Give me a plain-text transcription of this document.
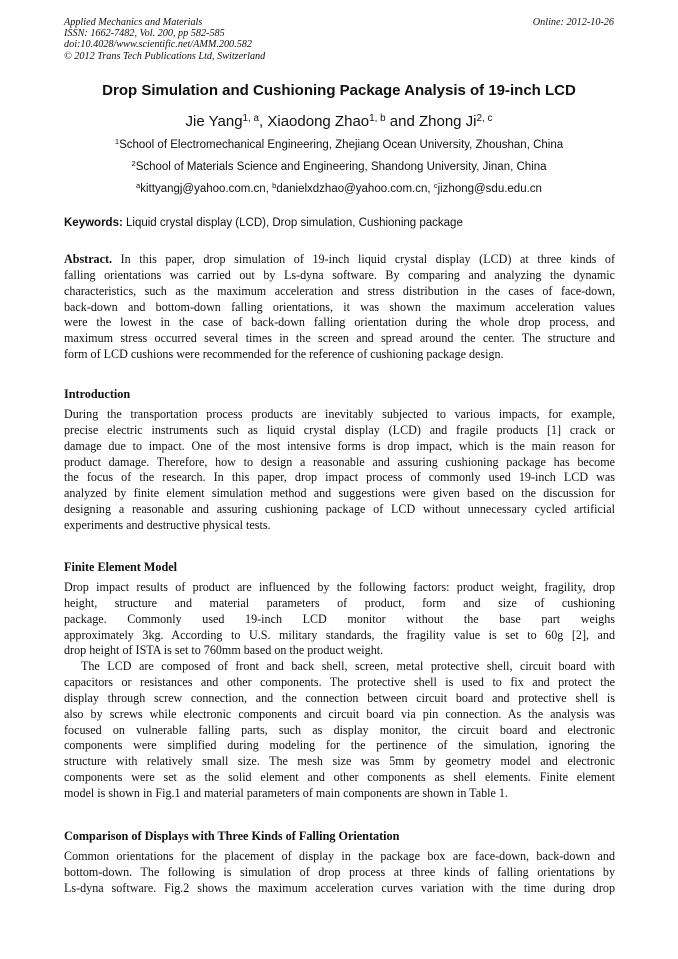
Applied Mechanics and Materials
ISSN: 1662-7482, Vol. 200, pp 582-585
doi:10.4028/www.scientific.net/AMM.200.582
© 2012 Trans Tech Publications Ltd, Switzerland
Online: 2012-10-26
Drop Simulation and Cushioning Package Analysis of 19-inch LCD
Jie Yang$^{1, a}$, Xiaodong Zhao$^{1, b}$ and Zhong Ji$^{2, c}$
$^1$School of Electromechanical Engineering, Zhejiang Ocean University, Zhoushan, China
$^2$School of Materials Science and Engineering, Shandong University, Jinan, China
$^a$kittyangj@yahoo.com.cn, $^b$danielxdzhao@yahoo.com.cn, $^c$jizhong@sdu.edu.cn
Keywords: Liquid crystal display (LCD), Drop simulation, Cushioning package
Abstract. In this paper, drop simulation of 19-inch liquid crystal display (LCD) at three kinds of
falling orientations was carried out by Ls-dyna software. By comparing and analyzing the dynamic
characteristics, such as the maximum acceleration and stress distribution in the cases of face-down,
back-down and bottom-down falling orientations, it was shown the maximum acceleration values
were the lowest in the case of back-down falling orientation during the whole drop process, and
maximum stress occurred several times in the screen and spread around the center. The structure and
form of LCD cushions were recommended for the reference of cushioning package design.
Introduction
During the transportation process products are inevitably subjected to various impacts, for example,
precise electric instruments such as liquid crystal display (LCD) and fragile products [1] crack or
damage due to impact. One of the most intensive forms is drop impact, which is the main reason for
product damage. Therefore, how to design a reasonable and assuring cushioning package has become
the focus of the research. In this paper, drop impact process of commonly used 19-inch LCD was
analyzed by finite element simulation method and suggestions were given based on the discussion for
designing a reasonable and assuring cushioning package of LCD without unnecessary cycled artificial
experiments and destructive physical tests.
Finite Element Model
Drop impact results of product are influenced by the following factors: product weight, fragility, drop
height, structure and material parameters of product, form and size of cushioning
package. Commonly used 19-inch LCD monitor without the base part weighs
approximately 3kg. According to U.S. military standards, the fragility value is set to 60g [2], and
drop height of ISTA is set to 760mm based on the product weight.
The LCD are composed of front and back shell, screen, metal protective shell, circuit board with
capacitors or resistances and other components. The protective shell is used to fix and protect the
display through screw connection, and the connection between circuit board and protective shell is
also by screws while electronic components and circuit board via pin connection. As the analysis was
focused on vulnerable falling parts, such as display monitor, the circuit board and electronic
components were simplified during modeling for the pertinence of the simulation, ignoring the
structure with relatively small size. The mesh size was 5mm by geometry model and electronic
components were set as the solid element and other components as shell elements. Finite element
model is shown in Fig.1 and material parameters of main components are shown in Table 1.
Comparison of Displays with Three Kinds of Falling Orientation
Common orientations for the placement of display in the package box are face-down, back-down and
bottom-down. The following is simulation of drop process at three kinds of falling orientations by
Ls-dyna software. Fig.2 shows the maximum acceleration curves variation with the time during drop
